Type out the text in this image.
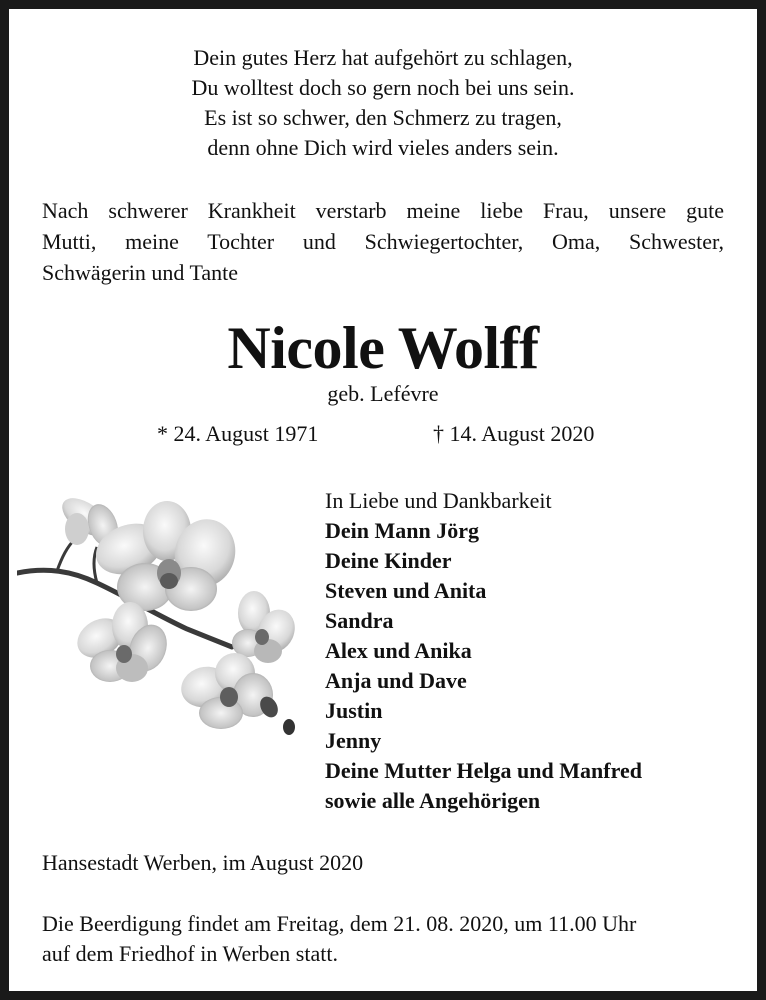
Dein gutes Herz hat aufgehört zu schlagen,
Du wolltest doch so gern noch bei uns sein.
Es ist so schwer, den Schmerz zu tragen,
denn ohne Dich wird vieles anders sein.
Nach schwerer Krankheit verstarb meine liebe Frau, unsere gute
Mutti, meine Tochter und Schwiegertochter, Oma, Schwester,
Schwägerin und Tante
Nicole Wolff
geb. Lefévre
* 24. August 1971	† 14. August 2020
In Liebe und Dankbarkeit
Dein Mann Jörg
Deine Kinder
Steven und Anita
Sandra
Alex und Anika
Anja und Dave
Justin
Jenny
Deine Mutter Helga und Manfred
sowie alle Angehörigen
Hansestadt Werben, im August 2020
Die Beerdigung findet am Freitag, dem 21. 08. 2020, um 11.00 Uhr
auf dem Friedhof in Werben statt.
